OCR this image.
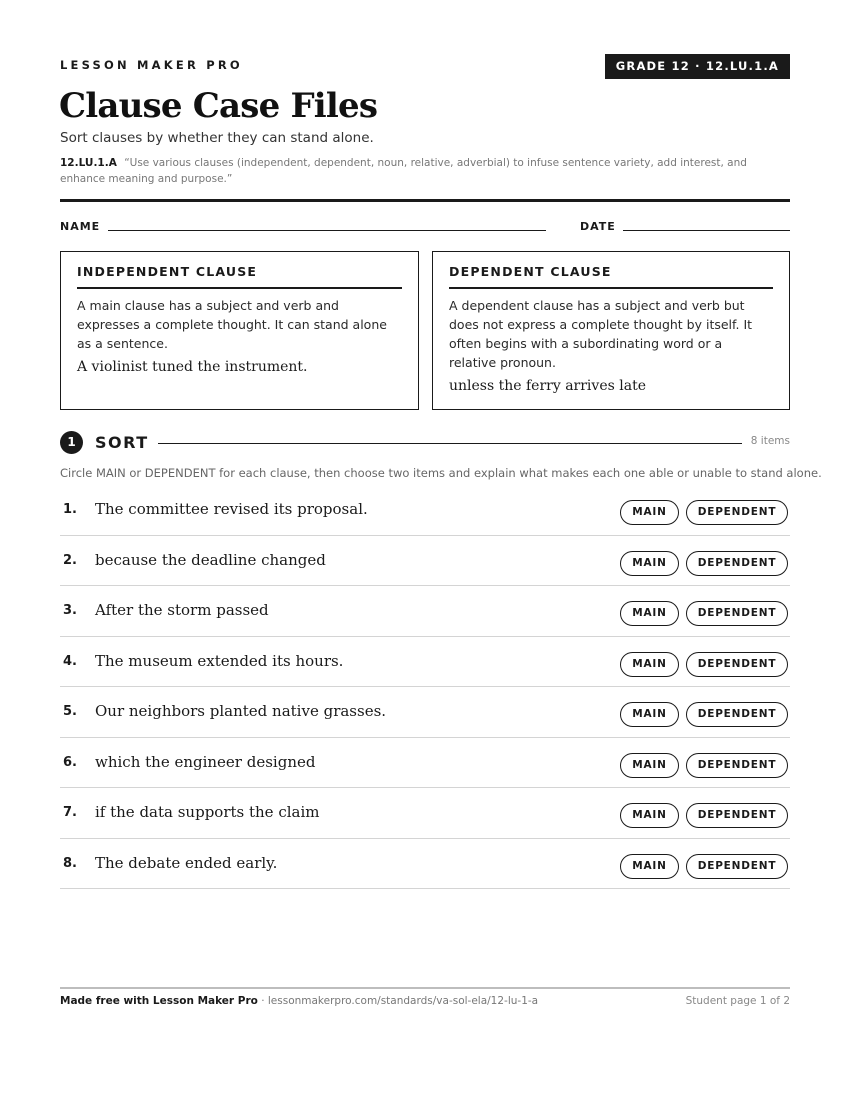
LESSON MAKER PRO	GRADE 12 · 12.LU.1.A
Clause Case Files
Sort clauses by whether they can stand alone.
12.LU.1.A “Use various clauses (independent, dependent, noun, relative, adverbial) to infuse sentence variety, add interest, and enhance meaning and purpose.”
NAME	DATE
INDEPENDENT CLAUSE
A main clause has a subject and verb and expresses a complete thought. It can stand alone as a sentence.
A violinist tuned the instrument.
DEPENDENT CLAUSE
A dependent clause has a subject and verb but does not express a complete thought by itself. It often begins with a subordinating word or a relative pronoun.
unless the ferry arrives late
1	SORT	8 items
Circle MAIN or DEPENDENT for each clause, then choose two items and explain what makes each one able or unable to stand alone.
1. The committee revised its proposal.	MAIN	DEPENDENT
2. because the deadline changed	MAIN	DEPENDENT
3. After the storm passed	MAIN	DEPENDENT
4. The museum extended its hours.	MAIN	DEPENDENT
5. Our neighbors planted native grasses.	MAIN	DEPENDENT
6. which the engineer designed	MAIN	DEPENDENT
7. if the data supports the claim	MAIN	DEPENDENT
8. The debate ended early.	MAIN	DEPENDENT
Made free with Lesson Maker Pro · lessonmakerpro.com/standards/va-sol-ela/12-lu-1-a	Student page 1 of 2
